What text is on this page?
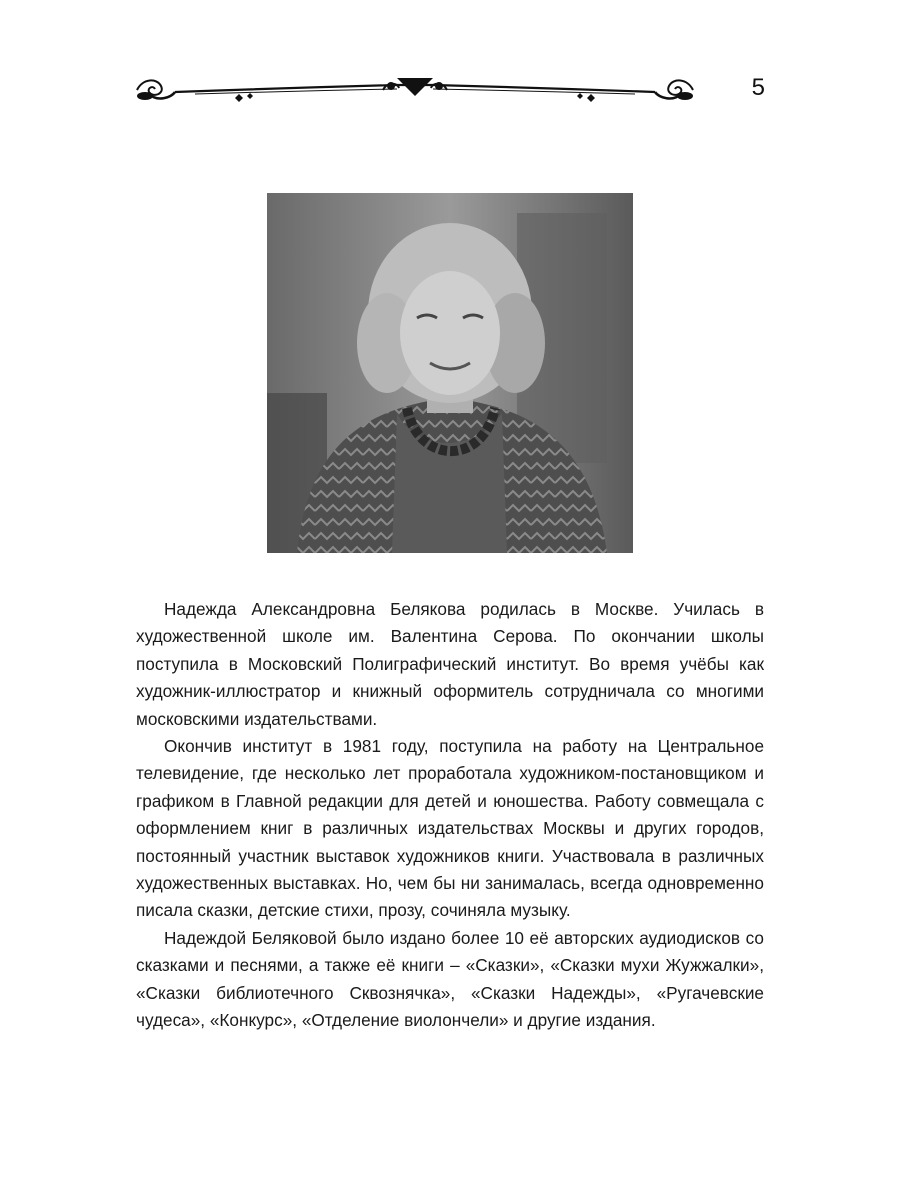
5

Надежда Александровна Белякова родилась в Москве. Училась в художественной школе им. Валентина Серова. По окончании школы поступила в Московский Полиграфический институт. Во время учёбы как художник-иллюстратор и книжный оформитель сотрудничала со многими московскими издательствами.

Окончив институт в 1981 году, поступила на работу на Центральное телевидение, где несколько лет проработала художником-постановщиком и графиком в Главной редакции для детей и юношества. Работу совмещала с оформлением книг в различных издательствах Москвы и других городов, постоянный участник выставок художников книги. Участвовала в различных художественных выставках. Но, чем бы ни занималась, всегда одновременно писала сказки, детские стихи, прозу, сочиняла музыку.

Надеждой Беляковой было издано более 10 её авторских аудиодисков со сказками и песнями, а также её книги – «Сказки», «Сказки мухи Жужжалки», «Сказки библиотечного Сквознячка», «Сказки Надежды», «Ругачевские чудеса», «Конкурс», «Отделение виолончели» и другие издания.
